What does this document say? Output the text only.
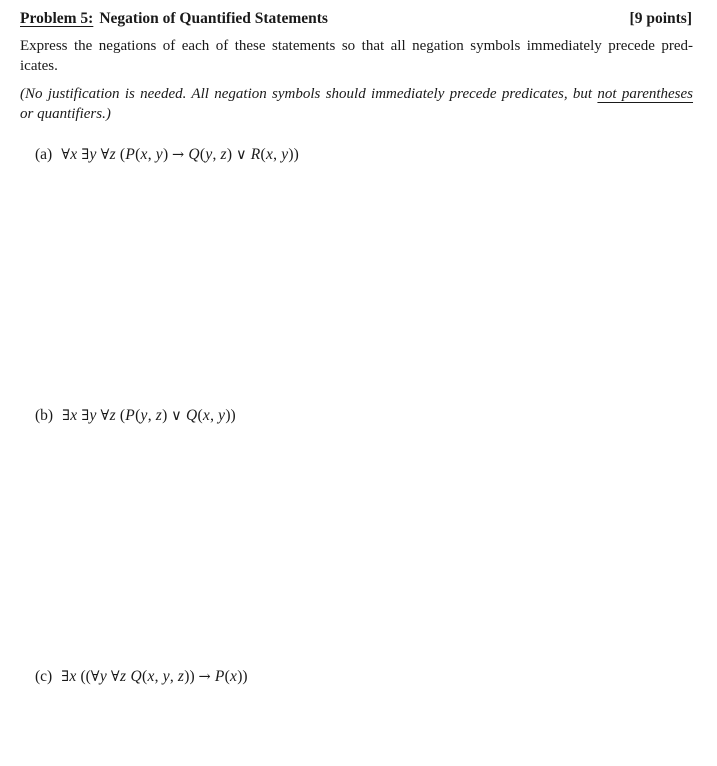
Problem 5: Negation of Quantified Statements	[9 points]
Express the negations of each of these statements so that all negation symbols immediately precede pred-
icates.
(No justification is needed. All negation symbols should immediately precede predicates, but not parentheses
or quantifiers.)
(a) ∀x ∃y ∀z (P(x, y) → Q(y, z) ∨ R(x, y))
(b) ∃x ∃y ∀z (P(y, z) ∨ Q(x, y))
(c) ∃x ((∀y ∀z Q(x, y, z)) → P(x))
